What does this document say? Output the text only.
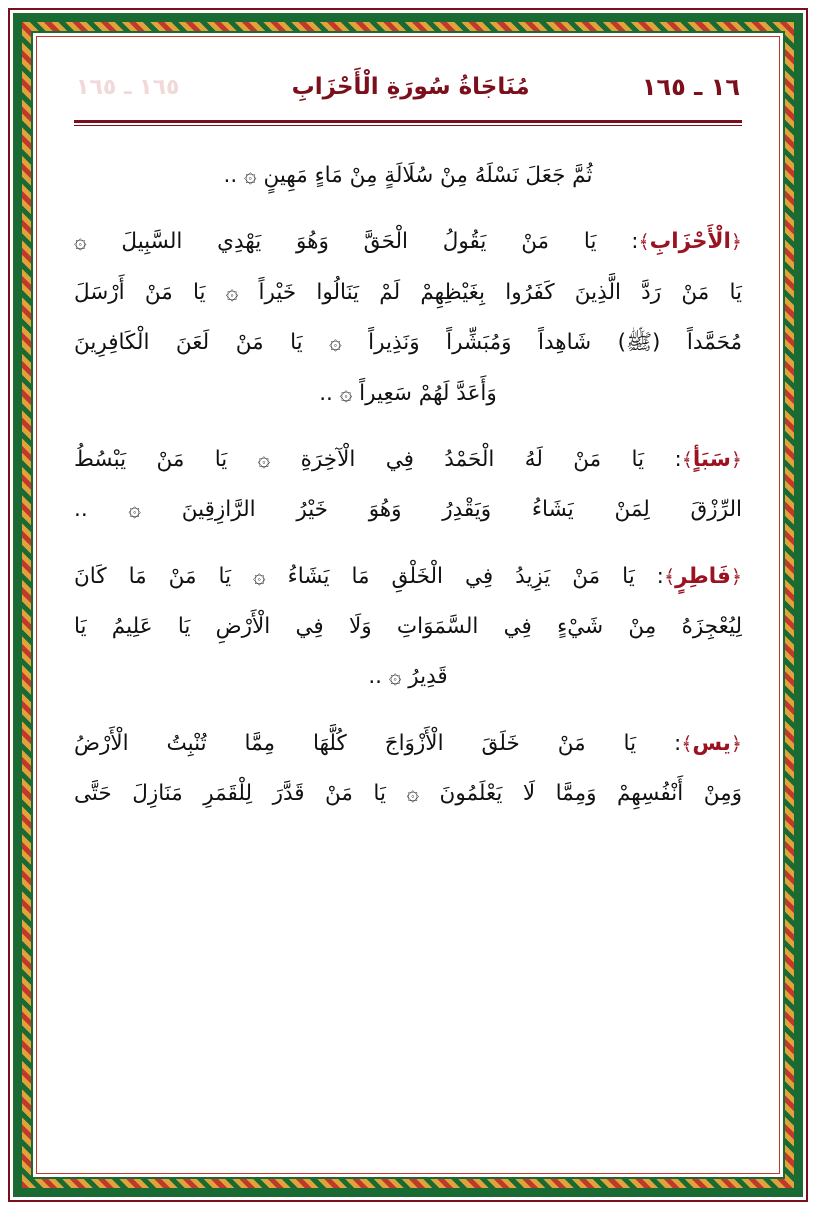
١٦ ـ ١٦٥
مُنَاجَاةُ سُورَةِ الْأَحْزَابِ
١٦٥ ـ ١٦٥
ثُمَّ جَعَلَ نَسْلَهُ مِنْ سُلَالَةٍ مِنْ مَاءٍ مَهِينٍ ۞ ..
﴿الْأَحْزَابِ﴾: يَا مَنْ يَقُولُ الْحَقَّ وَهُوَ يَهْدِي السَّبِيلَ ۞
يَا مَنْ رَدَّ الَّذِينَ كَفَرُوا بِغَيْظِهِمْ لَمْ يَنَالُوا خَيْراً ۞ يَا مَنْ أَرْسَلَ
مُحَمَّداً (ﷺ) شَاهِداً وَمُبَشِّراً وَنَذِيراً ۞ يَا مَنْ لَعَنَ الْكَافِرِينَ
وَأَعَدَّ لَهُمْ سَعِيراً ۞ ..
﴿سَبَأٍ﴾: يَا مَنْ لَهُ الْحَمْدُ فِي الْآخِرَةِ ۞ يَا مَنْ يَبْسُطُ
الرِّزْقَ لِمَنْ يَشَاءُ وَيَقْدِرُ وَهُوَ خَيْرُ الرَّازِقِينَ ۞ ..
﴿فَاطِرٍ﴾: يَا مَنْ يَزِيدُ فِي الْخَلْقِ مَا يَشَاءُ ۞ يَا مَنْ مَا كَانَ
لِيُعْجِزَهُ مِنْ شَيْءٍ فِي السَّمَوَاتِ وَلَا فِي الْأَرْضِ يَا عَلِيمُ يَا
قَدِيرُ ۞ ..
﴿يس﴾: يَا مَنْ خَلَقَ الْأَزْوَاجَ كُلَّهَا مِمَّا تُنْبِتُ الْأَرْضُ
وَمِنْ أَنْفُسِهِمْ وَمِمَّا لَا يَعْلَمُونَ ۞ يَا مَنْ قَدَّرَ لِلْقَمَرِ مَنَازِلَ حَتَّى
